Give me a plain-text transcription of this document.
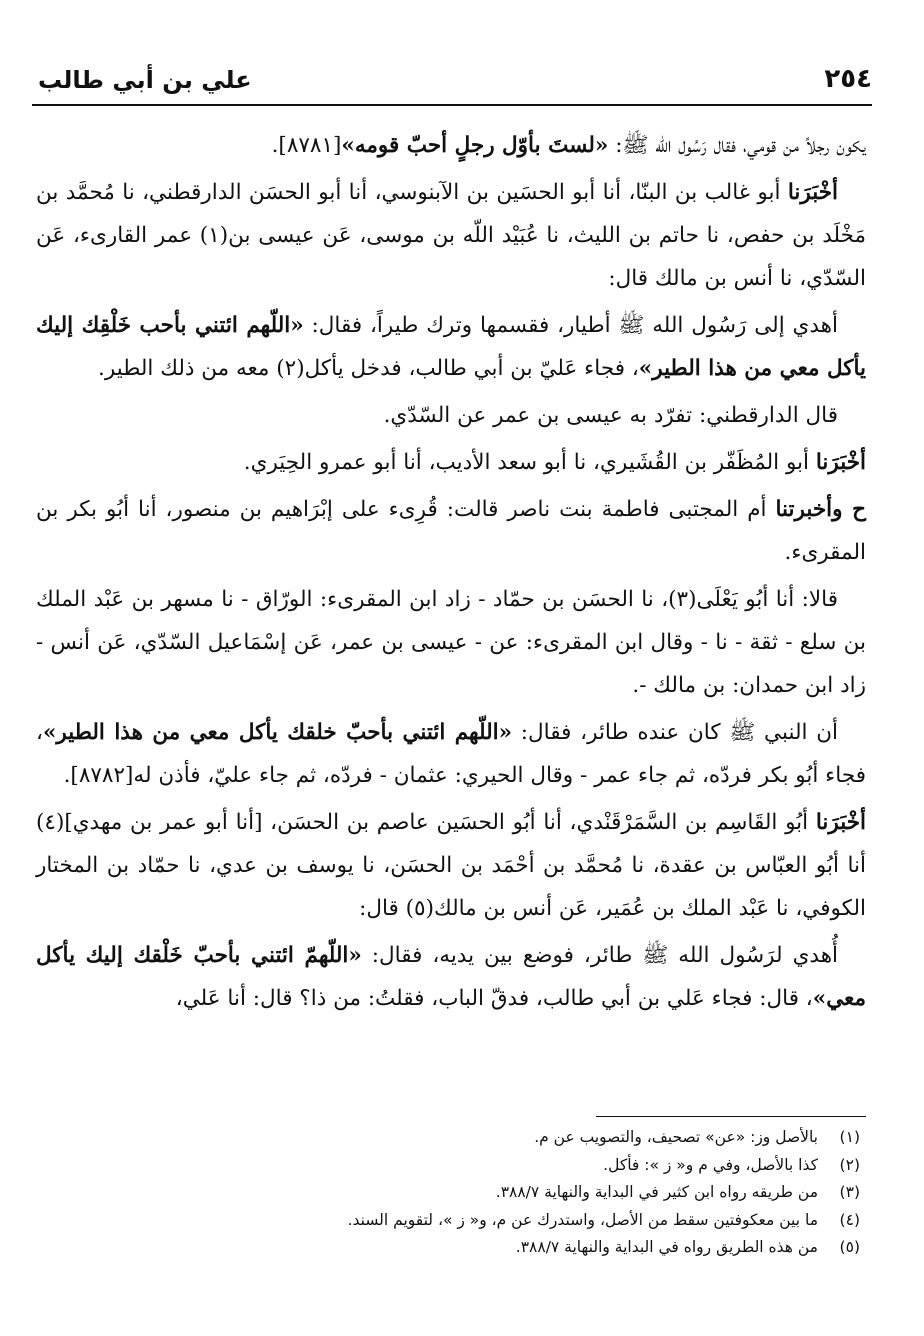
علي بن أبي طالب	٢٥٤

يكون رجلاً من قومي، فقال رَسُول الله ﷺ: «لستَ بأوّل رجلٍ أحبّ قومه»[٨٧٨١].

أخْبَرَنا أبو غالب بن البنّا، أنا أبو الحسَين بن الآبنوسي، أنا أبو الحسَن الدارقطني، نا مُحمَّد بن مَخْلَد بن حفص، نا حاتم بن الليث، نا عُبَيْد اللّه بن موسى، عَن عيسى بن(١) عمر القارىء، عَن السّدّي، نا أنس بن مالك قال:

أهدي إلى رَسُول الله ﷺ أطيار، فقسمها وترك طيراً، فقال: «اللّهم ائتني بأحب خَلْقِك إليك يأكل معي من هذا الطير»، فجاء عَليّ بن أبي طالب، فدخل يأكل(٢) معه من ذلك الطير.

قال الدارقطني: تفرّد به عيسى بن عمر عن السّدّي.

أخْبَرَنا أبو المُظَفّر بن القُشَيري، نا أبو سعد الأديب، أنا أبو عمرو الحِيَري.

ح وأخبرتنا أم المجتبى فاطمة بنت ناصر قالت: قُرِىء على إبْرَاهيم بن منصور، أنا أبُو بكر بن المقرىء.

قالا: أنا أبُو يَعْلَى(٣)، نا الحسَن بن حمّاد - زاد ابن المقرىء: الورّاق - نا مسهر بن عَبْد الملك بن سلع - ثقة - نا - وقال ابن المقرىء: عن - عيسى بن عمر، عَن إسْمَاعيل السّدّي، عَن أنس - زاد ابن حمدان: بن مالك -.

أن النبي ﷺ كان عنده طائر، فقال: «اللّهم ائتني بأحبّ خلقك يأكل معي من هذا الطير»، فجاء أبُو بكر فردّه، ثم جاء عمر - وقال الحيري: عثمان - فردّه، ثم جاء عليّ، فأذن له[٨٧٨٢].

أخْبَرَنا أبُو القَاسِم بن السَّمَرْقَنْدي، أنا أبُو الحسَين عاصم بن الحسَن، [أنا أبو عمر بن مهدي](٤) أنا أبُو العبّاس بن عقدة، نا مُحمَّد بن أحْمَد بن الحسَن، نا يوسف بن عدي، نا حمّاد بن المختار الكوفي، نا عَبْد الملك بن عُمَير، عَن أنس بن مالك(٥) قال:

أُهدي لرَسُول الله ﷺ طائر، فوضع بين يديه، فقال: «اللّهمّ ائتني بأحبّ خَلْقك إليك يأكل معي»، قال: فجاء عَلي بن أبي طالب، فدقّ الباب، فقلتُ: من ذا؟ قال: أنا عَلي،

(١)
بالأصل وز: «عن» تصحيف، والتصويب عن م.
(٢)
كذا بالأصل، وفي م و« ز »: فأكل.
(٣)
من طريقه رواه ابن كثير في البداية والنهاية ٣٨٨/٧.
(٤)
ما بين معكوفتين سقط من الأصل، واستدرك عن م، و« ز »، لتقويم السند.
(٥)
من هذه الطريق رواه في البداية والنهاية ٣٨٨/٧.
